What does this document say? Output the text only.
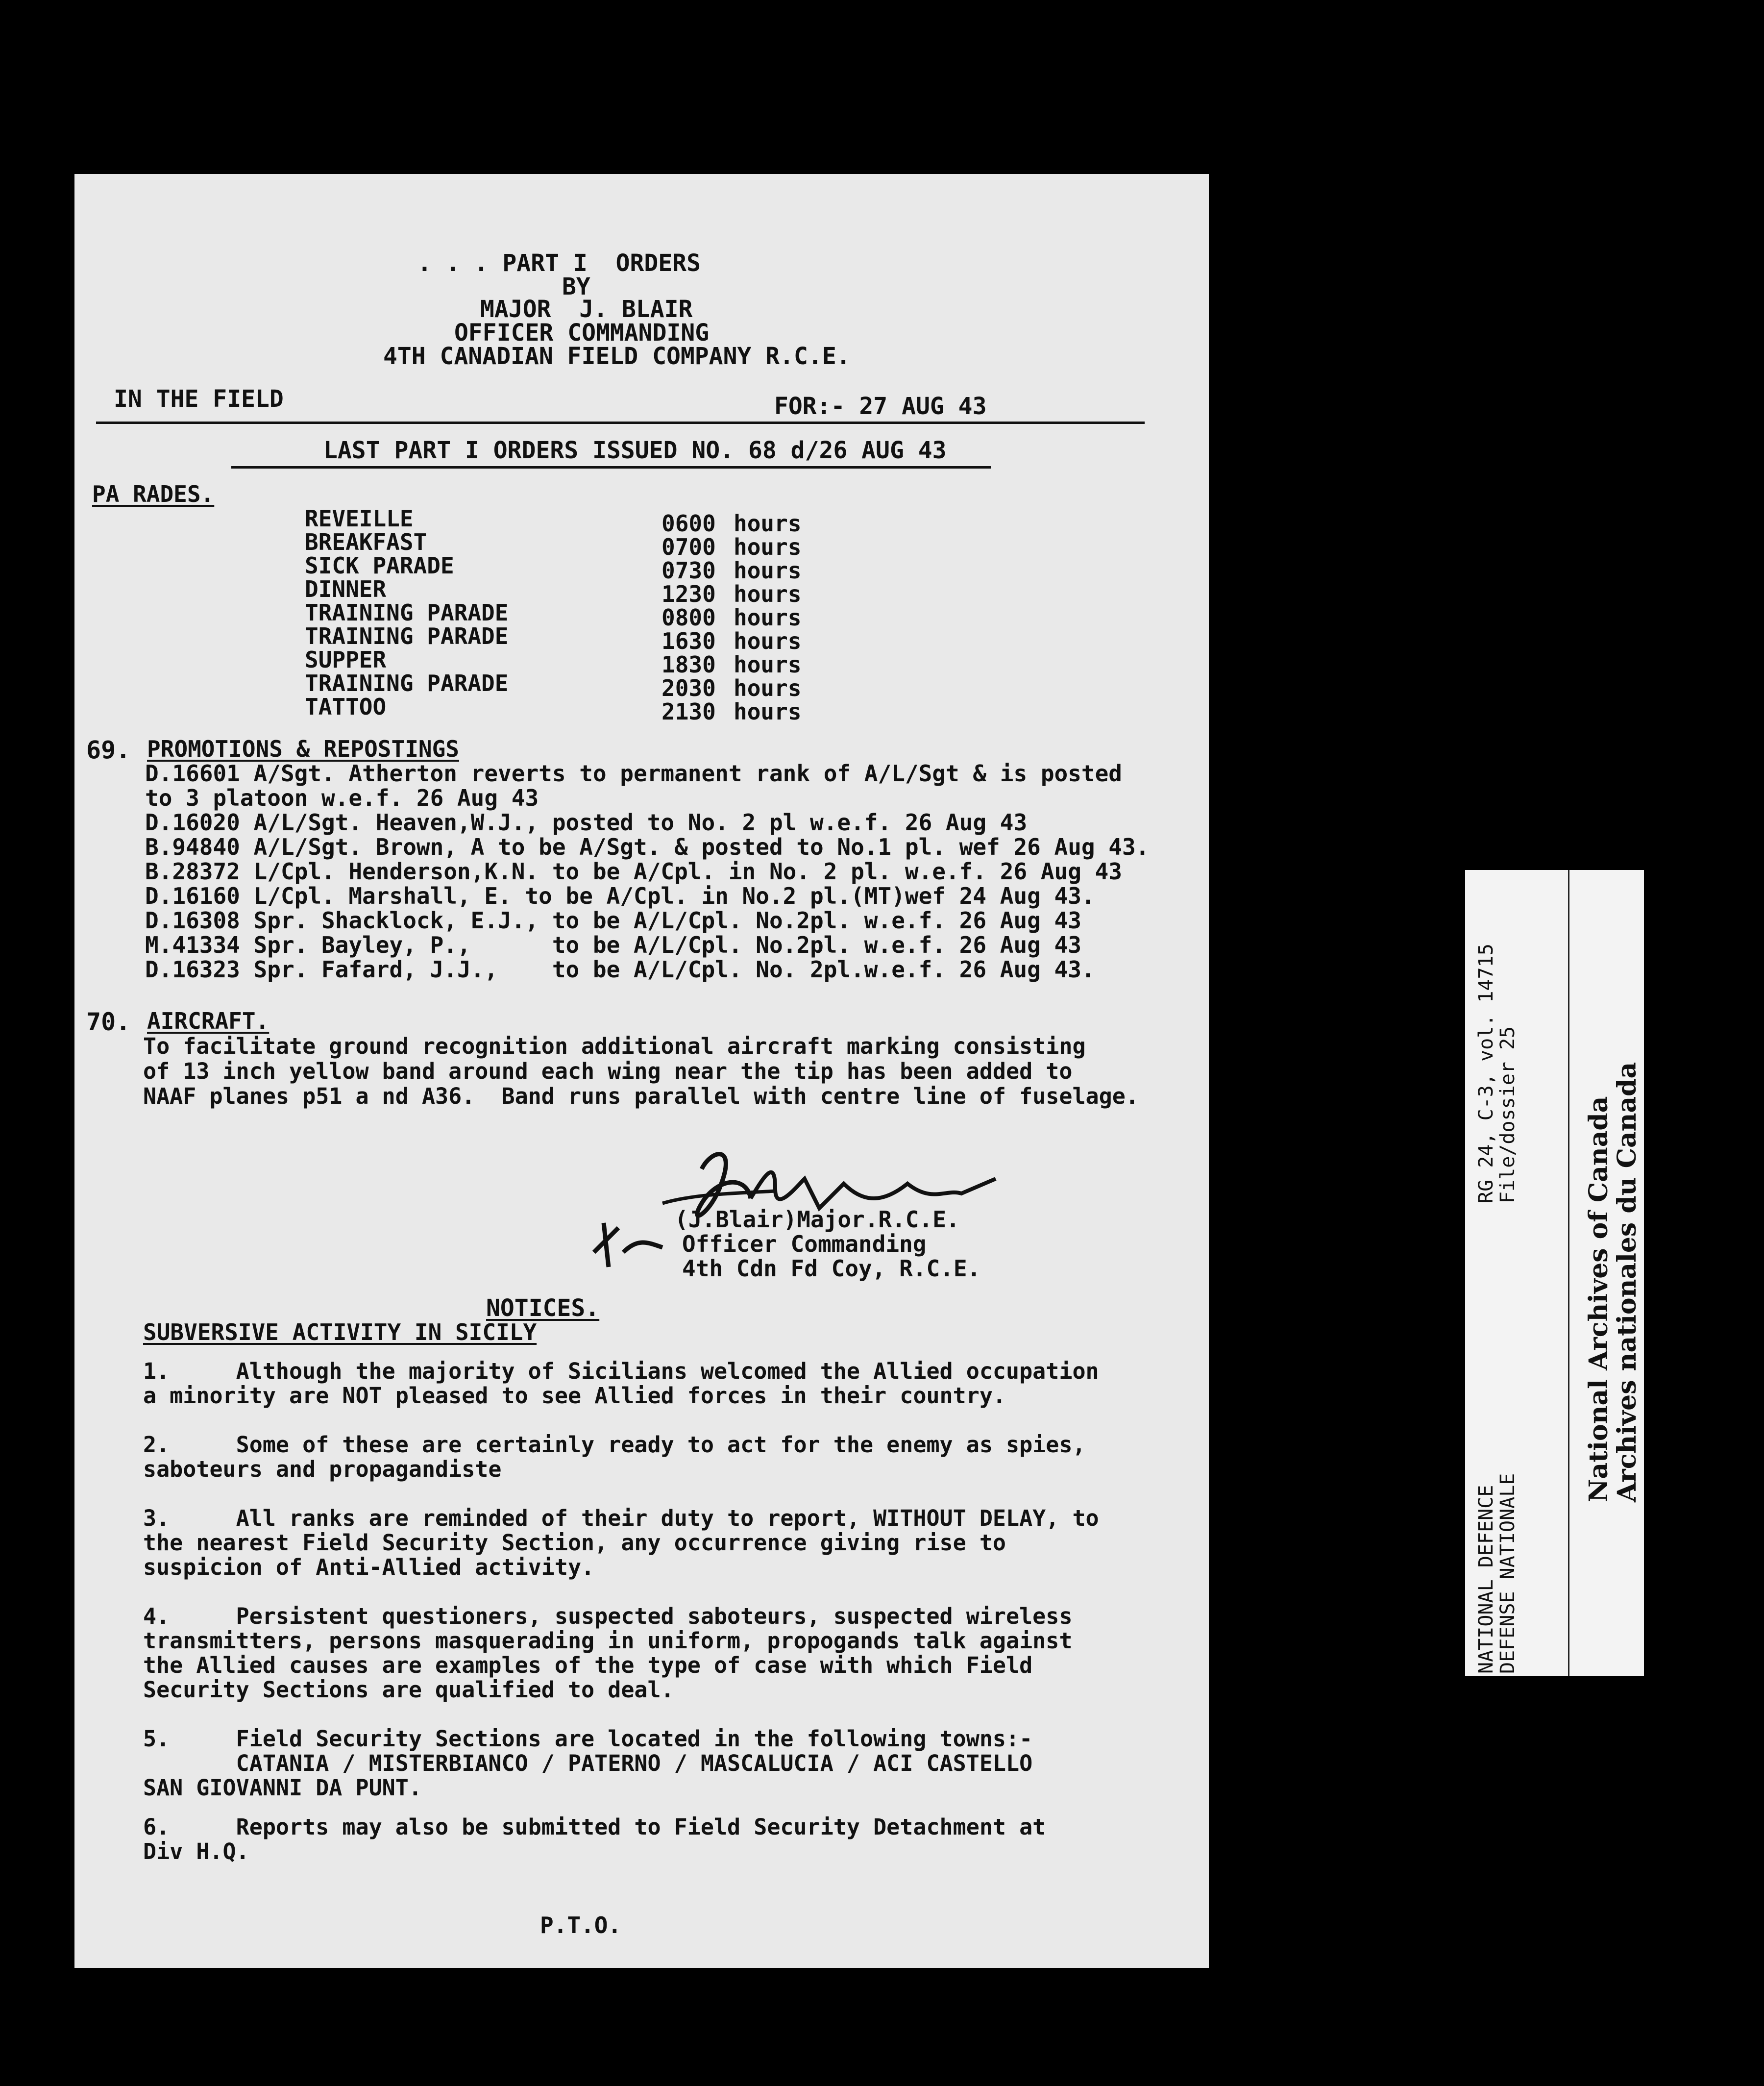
. . . PART I  ORDERS
BY
MAJOR  J. BLAIR
OFFICER COMMANDING
4TH CANADIAN FIELD COMPANY R.C.E.
IN THE FIELD	FOR:- 27 AUG 43
LAST PART I ORDERS ISSUED NO. 68 d/26 AUG 43
PA RADES.
REVEILLE	0600 hours
BREAKFAST	0700 hours
SICK PARADE	0730 hours
DINNER	1230 hours
TRAINING PARADE	0800 hours
TRAINING PARADE	1630 hours
SUPPER	1830 hours
TRAINING PARADE	2030 hours
TATTOO	2130 hours
69. PROMOTIONS & REPOSTINGS
D.16601 A/Sgt. Atherton reverts to permanent rank of A/L/Sgt & is posted
to 3 platoon w.e.f. 26 Aug 43
D.16020 A/L/Sgt. Heaven,W.J., posted to No. 2 pl w.e.f. 26 Aug 43
B.94840 A/L/Sgt. Brown, A to be A/Sgt. & posted to No.1 pl. wef 26 Aug 43.
B.28372 L/Cpl. Henderson,K.N. to be A/Cpl. in No. 2 pl. w.e.f. 26 Aug 43
D.16160 L/Cpl. Marshall, E. to be A/Cpl. in No.2 pl.(MT)wef 24 Aug 43.
D.16308 Spr. Shacklock, E.J., to be A/L/Cpl. No.2pl. w.e.f. 26 Aug 43
M.41334 Spr. Bayley, P.,      to be A/L/Cpl. No.2pl. w.e.f. 26 Aug 43
D.16323 Spr. Fafard, J.J.,    to be A/L/Cpl. No. 2pl.w.e.f. 26 Aug 43.
70. AIRCRAFT.
To facilitate ground recognition additional aircraft marking consisting
of 13 inch yellow band around each wing near the tip has been added to
NAAF planes p51 a nd A36.  Band runs parallel with centre line of fuselage.
(J.Blair)Major.R.C.E.
Officer Commanding
4th Cdn Fd Coy, R.C.E.
NOTICES.
SUBVERSIVE ACTIVITY IN SICILY
1.     Although the majority of Sicilians welcomed the Allied occupation
a minority are NOT pleased to see Allied forces in their country.
2.     Some of these are certainly ready to act for the enemy as spies,
saboteurs and propagandiste
3.     All ranks are reminded of their duty to report, WITHOUT DELAY, to
the nearest Field Security Section, any occurrence giving rise to
suspicion of Anti-Allied activity.
4.     Persistent questioners, suspected saboteurs, suspected wireless
transmitters, persons masquerading in uniform, propogands talk against
the Allied causes are examples of the type of case with which Field
Security Sections are qualified to deal.
5.     Field Security Sections are located in the following towns:-
CATANIA / MISTERBIANCO / PATERNO / MASCALUCIA / ACI CASTELLO
SAN GIOVANNI DA PUNT.
6.     Reports may also be submitted to Field Security Detachment at
Div H.Q.
P.T.O.
RG 24, C-3, vol. 14715
File/dossier 25
NATIONAL DEFENCE
DEFENSE NATIONALE
National Archives of Canada
Archives nationales du Canada
